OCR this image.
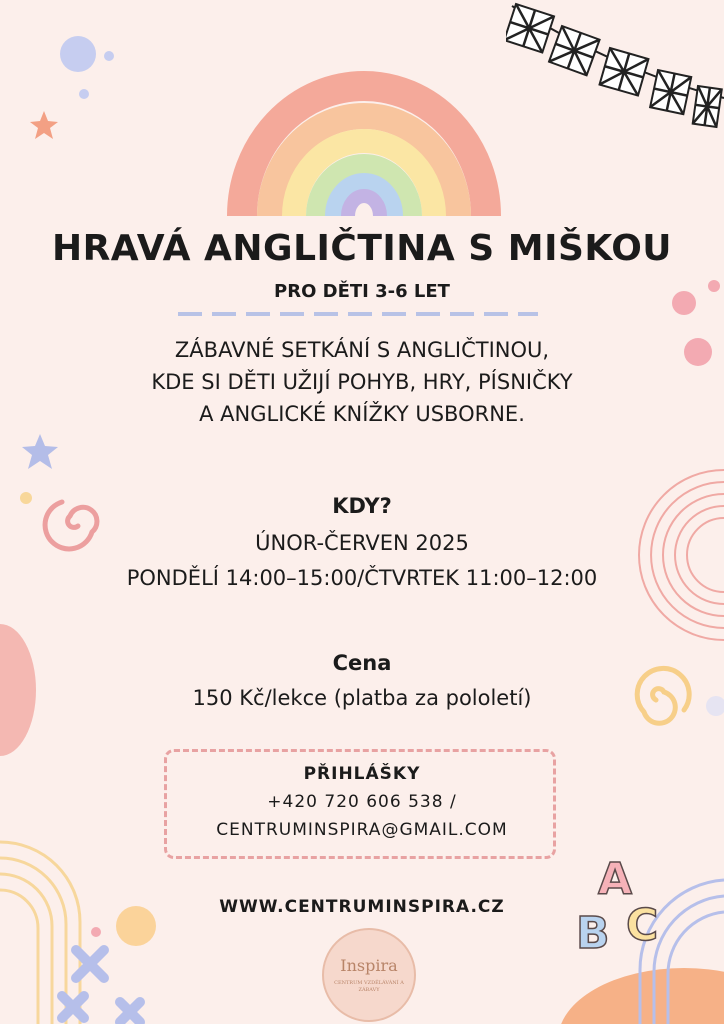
A
B C
HRAVÁ ANGLIČTINA S MIŠKOU
PRO DĚTI 3-6 LET
ZÁBAVNÉ SETKÁNÍ S ANGLIČTINOU,
KDE SI DĚTI UŽIJÍ POHYB, HRY, PÍSNIČKY
A ANGLICKÉ KNÍŽKY USBORNE.
KDY?
ÚNOR-ČERVEN 2025
PONDĚLÍ 14:00–15:00/ČTVRTEK 11:00–12:00
Cena
150 Kč/lekce (platba za pololetí)
PŘIHLÁŠKY
+420 720 606 538 /
CENTRUMINSPIRA@GMAIL.COM
WWW.CENTRUMINSPIRA.CZ
Inspira
CENTRUM VZDĚLÁVÁNÍ A ZÁBAVY
